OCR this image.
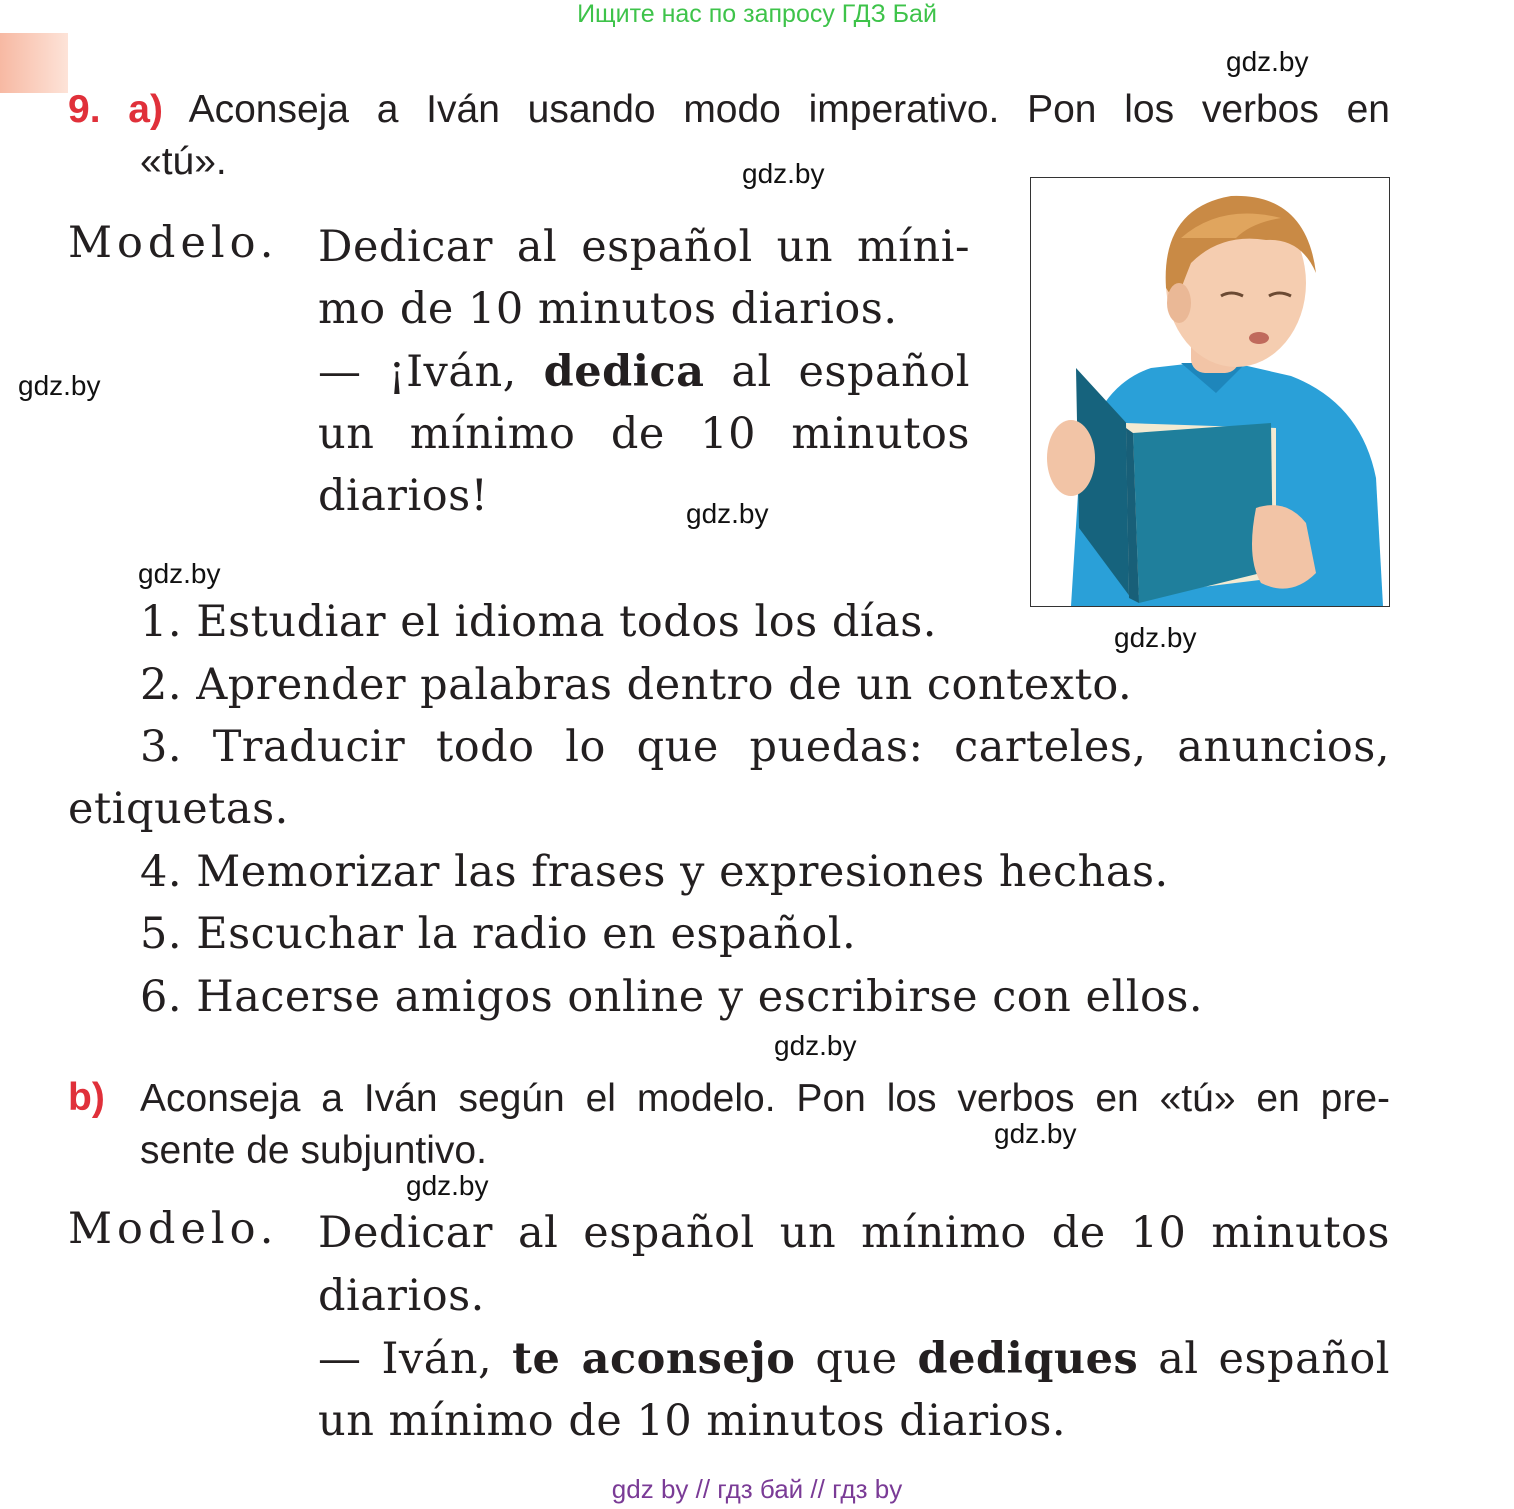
Ищите нас по запросу ГДЗ Бай
gdz.by
gdz.by
gdz.by
gdz.by
gdz.by
gdz.by
gdz.by
gdz.by
gdz.by
9. a) Aconseja a Iván usando modo imperativo. Pon los verbos en
«tú».
Modelo. Dedicar al español un míni-
mo de 10 minutos diarios.
— ¡Iván, dedica al español
un mínimo de 10 minutos
diarios!
1. Estudiar el idioma todos los días.
2. Aprender palabras dentro de un contexto.
3. Traducir todo lo que puedas: carteles, anuncios,
etiquetas.
4. Memorizar las frases y expresiones hechas.
5. Escuchar la radio en español.
6. Hacerse amigos online y escribirse con ellos.
b) Aconseja a Iván según el modelo. Pon los verbos en «tú» en pre-
sente de subjuntivo.
Modelo. Dedicar al español un mínimo de 10 minutos
diarios.
— Iván, te aconsejo que dediques al español
un mínimo de 10 minutos diarios.
gdz by // гдз бай // гдз by
